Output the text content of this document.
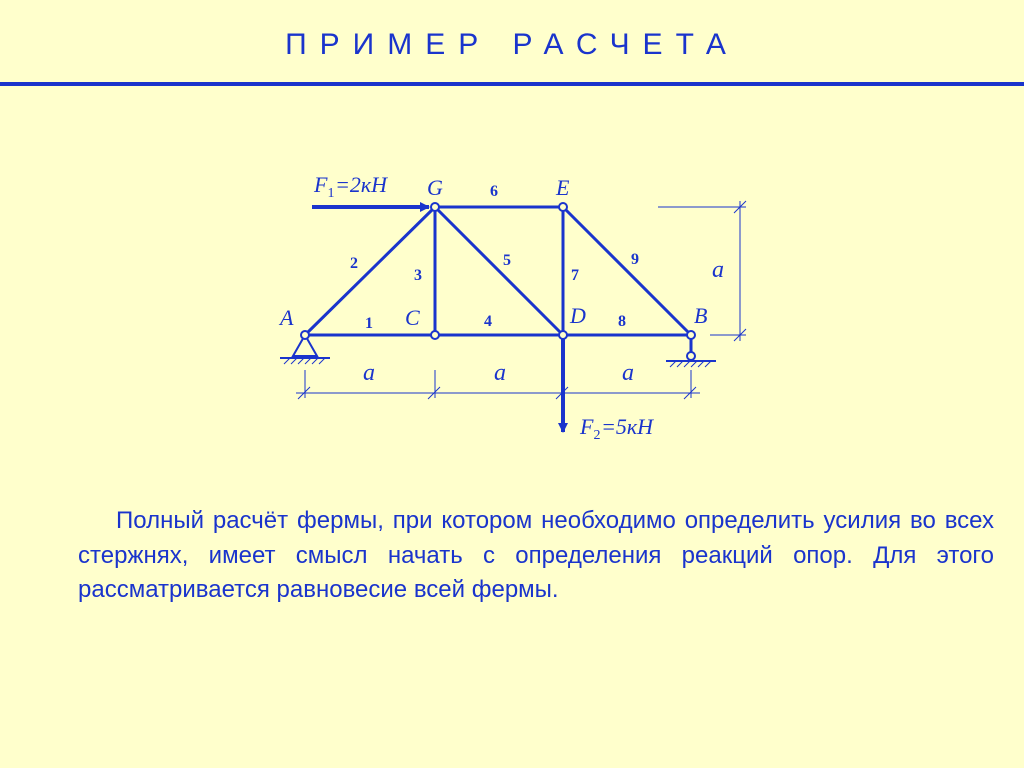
ПРИМЕР РАСЧЕТА
A	C	D	B
G	E
1
2
3
4
5
6
7
8
9
a	a	a
a
$F_1=2кН$
$F_2=5кН$

Полный расчёт фермы, при котором необходимо определить усилия во всех стержнях, имеет смысл начать с определения реакций опор. Для этого рассматривается равновесие всей фермы.
